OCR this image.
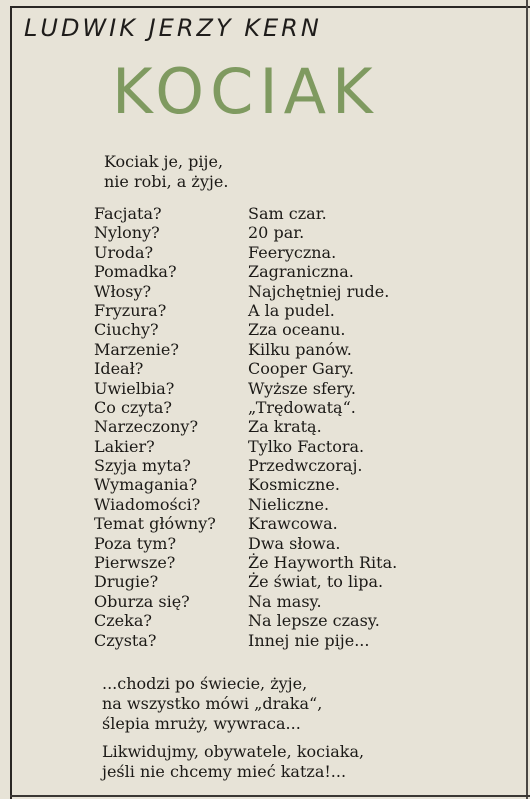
LUDWIK JERZY KERN
KOCIAK
Kociak je, pije,
nie robi, a żyje.
Facjata?	Sam czar.
Nylony?	20 par.
Uroda?	Feeryczna.
Pomadka?	Zagraniczna.
Włosy?	Najchętniej rude.
Fryzura?	A la pudel.
Ciuchy?	Zza oceanu.
Marzenie?	Kilku panów.
Ideał?	Cooper Gary.
Uwielbia?	Wyższe sfery.
Co czyta?	„Trędowatą“.
Narzeczony?	Za kratą.
Lakier?	Tylko Factora.
Szyja myta?	Przedwczoraj.
Wymagania?	Kosmiczne.
Wiadomości?	Nieliczne.
Temat główny?	Krawcowa.
Poza tym?	Dwa słowa.
Pierwsze?	Że Hayworth Rita.
Drugie?	Że świat, to lipa.
Oburza się?	Na masy.
Czeka?	Na lepsze czasy.
Czysta?	Innej nie pije...
...chodzi po świecie, żyje,
na wszystko mówi „draka“,
ślepia mruży, wywraca...
Likwidujmy, obywatele, kociaka,
jeśli nie chcemy mieć katza!...
